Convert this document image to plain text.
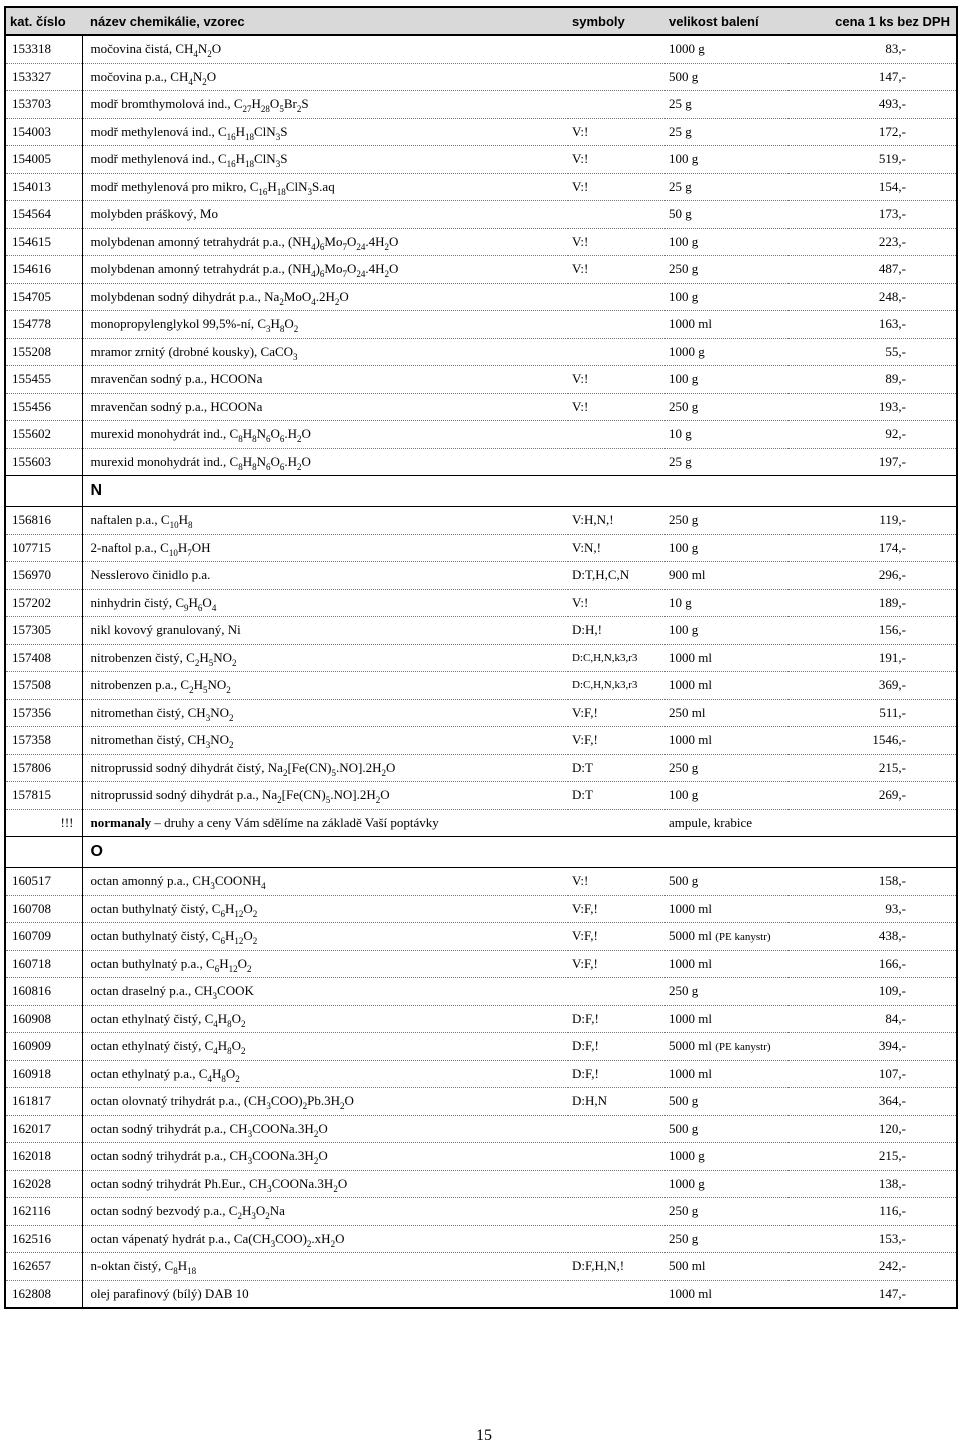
kat. číslo	název chemikálie, vzorec	symboly	velikost balení	cena 1 ks bez DPH
153318	močovina čistá, $CH_4N_2O$		1000 g	83,-
153327	močovina p.a., $CH_4N_2O$		500 g	147,-
153703	modř bromthymolová ind., $C_{27}H_{28}O_5Br_2S$		25 g	493,-
154003	modř methylenová ind., $C_{16}H_{18}ClN_3S$	V:!	25 g	172,-
154005	modř methylenová ind., $C_{16}H_{18}ClN_3S$	V:!	100 g	519,-
154013	modř methylenová pro mikro, $C_{16}H_{18}ClN_3S.aq$	V:!	25 g	154,-
154564	molybden práškový, Mo		50 g	173,-
154615	molybdenan amonný tetrahydrát p.a., $(NH_4)_6Mo_7O_{24}.4H_2O$	V:!	100 g	223,-
154616	molybdenan amonný tetrahydrát p.a., $(NH_4)_6Mo_7O_{24}.4H_2O$	V:!	250 g	487,-
154705	molybdenan sodný dihydrát p.a., $Na_2MoO_4.2H_2O$		100 g	248,-
154778	monopropylenglykol 99,5%-ní, $C_3H_8O_2$		1000 ml	163,-
155208	mramor zrnitý (drobné kousky), CaCO$_3$		1000 g	55,-
155455	mravenčan sodný p.a., HCOONa	V:!	100 g	89,-
155456	mravenčan sodný p.a., HCOONa	V:!	250 g	193,-
155602	murexid monohydrát ind., $C_8H_8N_6O_6.H_2O$		10 g	92,-
155603	murexid monohydrát ind., $C_8H_8N_6O_6.H_2O$		25 g	197,-
	N			
156816	naftalen p.a., $C_{10}H_8$	V:H,N,!	250 g	119,-
107715	2-naftol p.a., $C_{10}H_7OH$	V:N,!	100 g	174,-
156970	Nesslerovo činidlo p.a.	D:T,H,C,N	900 ml	296,-
157202	ninhydrin čistý, $C_9H_6O_4$	V:!	10 g	189,-
157305	nikl kovový granulovaný, Ni	D:H,!	100 g	156,-
157408	nitrobenzen čistý, $C_2H_5NO_2$	D:C,H,N,k3,r3	1000 ml	191,-
157508	nitrobenzen p.a., $C_2H_5NO_2$	D:C,H,N,k3,r3	1000 ml	369,-
157356	nitromethan čistý, $CH_3NO_2$	V:F,!	250 ml	511,-
157358	nitromethan čistý, $CH_3NO_2$	V:F,!	1000 ml	1546,-
157806	nitroprussid sodný dihydrát čistý, $Na_2[Fe(CN)_5.NO].2H_2O$	D:T	250 g	215,-
157815	nitroprussid sodný dihydrát p.a., $Na_2[Fe(CN)_5.NO].2H_2O$	D:T	100 g	269,-
!!!	normanaly – druhy a ceny Vám sdělíme na základě Vaší poptávky		ampule, krabice	
	O			
160517	octan amonný p.a., $CH_3COONH_4$	V:!	500 g	158,-
160708	octan buthylnatý čistý, $C_6H_{12}O_2$	V:F,!	1000 ml	93,-
160709	octan buthylnatý čistý, $C_6H_{12}O_2$	V:F,!	5000 ml (PE kanystr)	438,-
160718	octan buthylnatý p.a., $C_6H_{12}O_2$	V:F,!	1000 ml	166,-
160816	octan draselný p.a., $CH_3COOK$		250 g	109,-
160908	octan ethylnatý čistý, $C_4H_8O_2$	D:F,!	1000 ml	84,-
160909	octan ethylnatý čistý, $C_4H_8O_2$	D:F,!	5000 ml (PE kanystr)	394,-
160918	octan ethylnatý p.a., $C_4H_8O_2$	D:F,!	1000 ml	107,-
161817	octan olovnatý trihydrát p.a., $(CH_3COO)_2Pb.3H_2O$	D:H,N	500 g	364,-
162017	octan sodný trihydrát p.a., $CH_3COONa.3H_2O$		500 g	120,-
162018	octan sodný trihydrát p.a., $CH_3COONa.3H_2O$		1000 g	215,-
162028	octan sodný trihydrát Ph.Eur., $CH_3COONa.3H_2O$		1000 g	138,-
162116	octan sodný bezvodý p.a., $C_2H_3O_2Na$		250 g	116,-
162516	octan vápenatý hydrát p.a., $Ca(CH_3COO)_2.xH_2O$		250 g	153,-
162657	n-oktan čistý, $C_8H_{18}$	D:F,H,N,!	500 ml	242,-
162808	olej parafinový (bílý) DAB 10		1000 ml	147,-
15
